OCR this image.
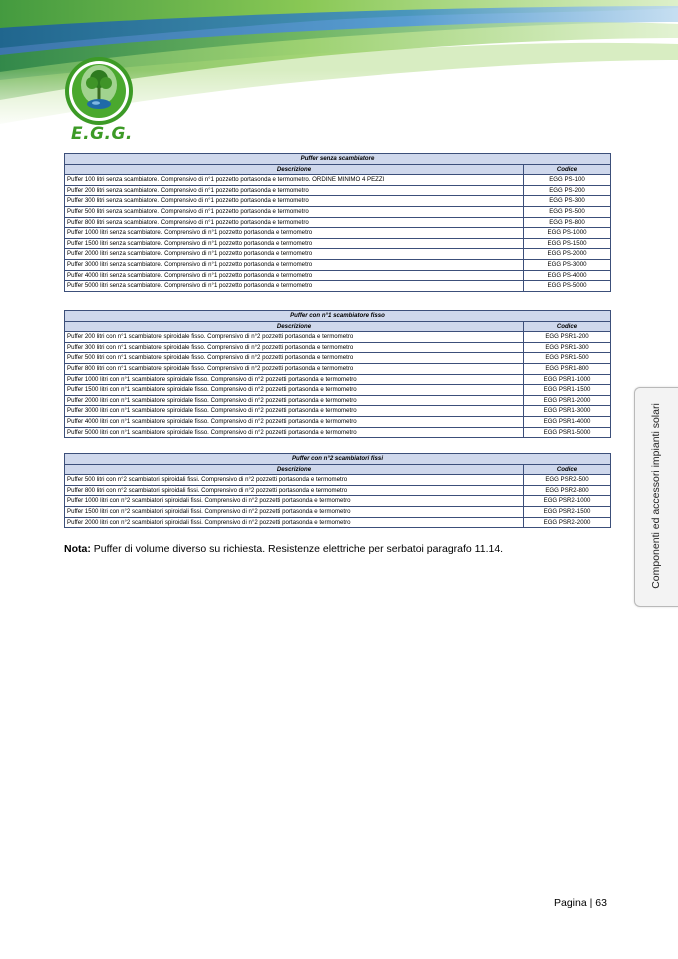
E.G.G.
Puffer senza scambiatore	
Descrizione	Codice
Puffer 100 litri senza scambiatore. Comprensivo di n°1 pozzetto portasonda e termometro. ORDINE MINIMO 4 PEZZI	EGG PS-100
Puffer 200 litri senza scambiatore. Comprensivo di n°1 pozzetto portasonda e termometro	EGG PS-200
Puffer 300 litri senza scambiatore. Comprensivo di n°1 pozzetto portasonda e termometro	EGG PS-300
Puffer 500 litri senza scambiatore. Comprensivo di n°1 pozzetto portasonda e termometro	EGG PS-500
Puffer 800 litri senza scambiatore. Comprensivo di n°1 pozzetto portasonda e termometro	EGG PS-800
Puffer 1000 litri senza scambiatore. Comprensivo di n°1 pozzetto portasonda e termometro	EGG PS-1000
Puffer 1500 litri senza scambiatore. Comprensivo di n°1 pozzetto portasonda e termometro	EGG PS-1500
Puffer 2000 litri senza scambiatore. Comprensivo di n°1 pozzetto portasonda e termometro	EGG PS-2000
Puffer 3000 litri senza scambiatore. Comprensivo di n°1 pozzetto portasonda e termometro	EGG PS-3000
Puffer 4000 litri senza scambiatore. Comprensivo di n°1 pozzetto portasonda e termometro	EGG PS-4000
Puffer 5000 litri senza scambiatore. Comprensivo di n°1 pozzetto portasonda e termometro	EGG PS-5000
Puffer con n°1 scambiatore fisso	
Descrizione	Codice
Puffer 200 litri con n°1 scambiatore spiroidale fisso. Comprensivo di n°2 pozzetti portasonda e termometro	EGG PSR1-200
Puffer 300 litri con n°1 scambiatore spiroidale fisso. Comprensivo di n°2 pozzetti portasonda e termometro	EGG PSR1-300
Puffer 500 litri con n°1 scambiatore spiroidale fisso. Comprensivo di n°2 pozzetti portasonda e termometro	EGG PSR1-500
Puffer 800 litri con n°1 scambiatore spiroidale fisso. Comprensivo di n°2 pozzetti portasonda e termometro	EGG PSR1-800
Puffer 1000 litri con n°1 scambiatore spiroidale fisso. Comprensivo di n°2 pozzetti portasonda e termometro	EGG PSR1-1000
Puffer 1500 litri con n°1 scambiatore spiroidale fisso. Comprensivo di n°2 pozzetti portasonda e termometro	EGG PSR1-1500
Puffer 2000 litri con n°1 scambiatore spiroidale fisso. Comprensivo di n°2 pozzetti portasonda e termometro	EGG PSR1-2000
Puffer 3000 litri con n°1 scambiatore spiroidale fisso. Comprensivo di n°2 pozzetti portasonda e termometro	EGG PSR1-3000
Puffer 4000 litri con n°1 scambiatore spiroidale fisso. Comprensivo di n°2 pozzetti portasonda e termometro	EGG PSR1-4000
Puffer 5000 litri con n°1 scambiatore spiroidale fisso. Comprensivo di n°2 pozzetti portasonda e termometro	EGG PSR1-5000
Puffer con n°2 scambiatori fissi	
Descrizione	Codice
Puffer 500 litri con n°2 scambiatori spiroidali fissi. Comprensivo di n°2 pozzetti portasonda e termometro	EGG PSR2-500
Puffer 800 litri con n°2 scambiatori spiroidali fissi. Comprensivo di n°2 pozzetti portasonda e termometro	EGG PSR2-800
Puffer 1000 litri con n°2 scambiatori spiroidali fissi. Comprensivo di n°2 pozzetti portasonda e termometro	EGG PSR2-1000
Puffer 1500 litri con n°2 scambiatori spiroidali fissi. Comprensivo di n°2 pozzetti portasonda e termometro	EGG PSR2-1500
Puffer 2000 litri con n°2 scambiatori spiroidali fissi. Comprensivo di n°2 pozzetti portasonda e termometro	EGG PSR2-2000
Nota: Puffer di volume diverso su richiesta. Resistenze elettriche per serbatoi paragrafo 11.14.	Componenti ed accessori impianti solari
Pagina | 63
